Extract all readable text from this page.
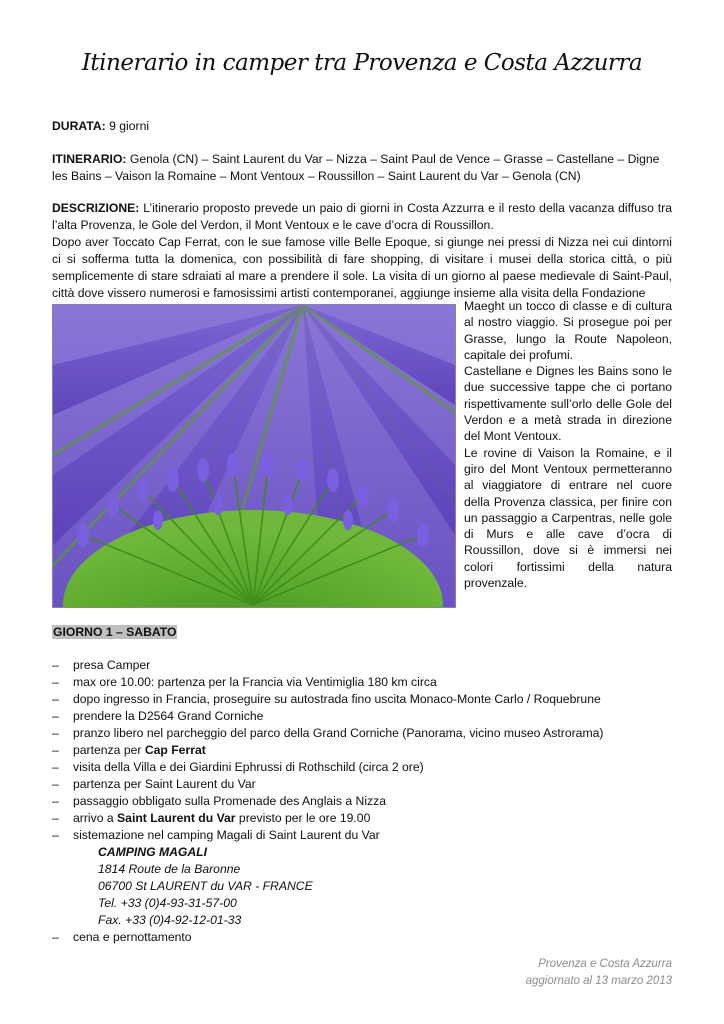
Itinerario in camper tra Provenza e Costa Azzurra
DURATA: 9 giorni
ITINERARIO: Genola (CN) – Saint Laurent du Var – Nizza – Saint Paul de Vence – Grasse – Castellane – Digne les Bains – Vaison la Romaine – Mont Ventoux – Roussillon – Saint Laurent du Var – Genola (CN)
DESCRIZIONE: L’itinerario proposto prevede un paio di giorni in Costa Azzurra e il resto della vacanza diffuso tra l’alta Provenza, le Gole del Verdon, il Mont Ventoux e le cave d’ocra di Roussillon.
Dopo aver Toccato Cap Ferrat, con le sue famose ville Belle Epoque, si giunge nei pressi di Nizza nei cui dintorni ci si sofferma tutta la domenica, con possibilità di fare shopping, di visitare i musei della storica città, o più semplicemente di stare sdraiati al mare a prendere il sole. La visita di un giorno al paese medievale di Saint-Paul, città dove vissero numerosi e famosissimi artisti contemporanei, aggiunge insieme alla visita della Fondazione
Maeght un tocco di classe e di cultura al nostro viaggio. Si prosegue poi per Grasse, lungo la Route Napoleon, capitale dei profumi.
Castellane e Dignes les Bains sono le due successive tappe che ci portano rispettivamente sull’orlo delle Gole del Verdon e a metà strada in direzione del Mont Ventoux.
Le rovine di Vaison la Romaine, e il giro del Mont Ventoux permetteranno al viaggiatore di entrare nel cuore della Provenza classica, per finire con un passaggio a Carpentras, nelle gole di Murs e alle cave d’ocra di Roussillon, dove si è immersi nei colori fortissimi della natura provenzale.
GIORNO 1 – SABATO
– presa Camper
– max ore 10.00: partenza per la Francia via Ventimiglia 180 km circa
– dopo ingresso in Francia, proseguire su autostrada fino uscita Monaco-Monte Carlo / Roquebrune
– prendere la D2564 Grand Corniche
– pranzo libero nel parcheggio del parco della Grand Corniche (Panorama, vicino museo Astrorama)
– partenza per Cap Ferrat
– visita della Villa e dei Giardini Ephrussi di Rothschild (circa 2 ore)
– partenza per Saint Laurent du Var
– passaggio obbligato sulla Promenade des Anglais a Nizza
– arrivo a Saint Laurent du Var previsto per le ore 19.00
– sistemazione nel camping Magali di Saint Laurent du Var
CAMPING MAGALI
1814 Route de la Baronne
06700 St LAURENT du VAR - FRANCE
Tel. +33 (0)4-93-31-57-00
Fax. +33 (0)4-92-12-01-33
– cena e pernottamento
Provenza e Costa Azzurra
aggiornato al 13 marzo 2013
